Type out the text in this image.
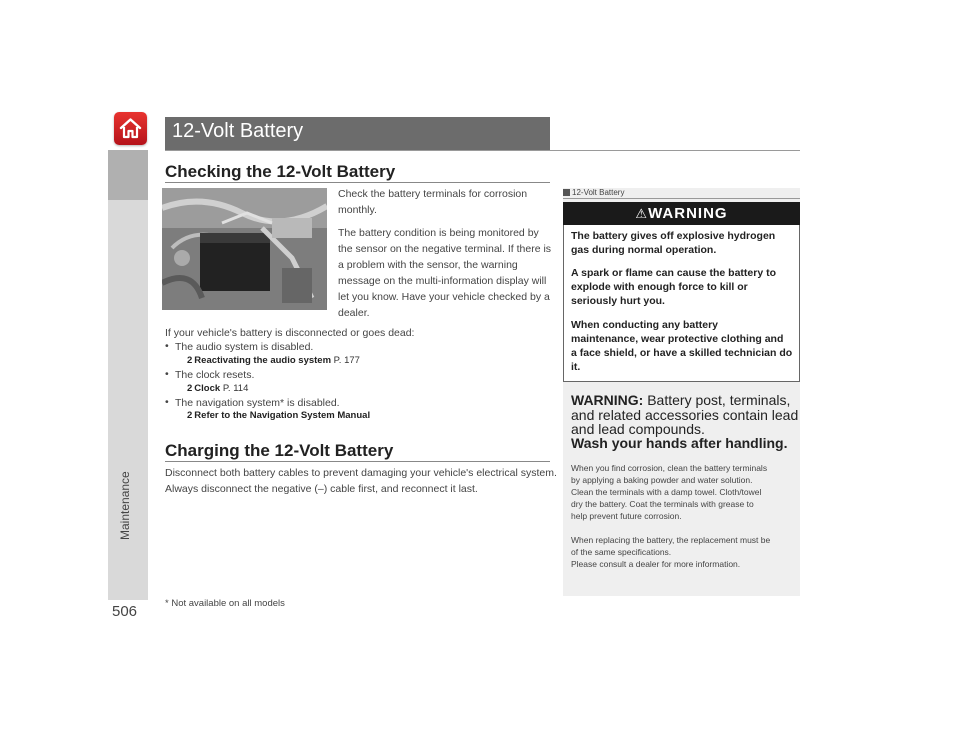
Maintenance
506
12-Volt Battery
Checking the 12-Volt Battery
Check the battery terminals for corrosion
monthly.
The battery condition is being monitored by
the sensor on the negative terminal. If there is
a problem with the sensor, the warning
message on the multi-information display will
let you know. Have your vehicle checked by a
dealer.
If your vehicle's battery is disconnected or goes dead:
• The audio system is disabled.
2 Reactivating the audio system P. 177
• The clock resets.
2 Clock P. 114
• The navigation system* is disabled.
2 Refer to the Navigation System Manual
Charging the 12-Volt Battery
Disconnect both battery cables to prevent damaging your vehicle's electrical system.
Always disconnect the negative (–) cable first, and reconnect it last.
12-Volt Battery
⚠WARNING
The battery gives off explosive hydrogen
gas during normal operation.
A spark or flame can cause the battery to
explode with enough force to kill or
seriously hurt you.
When conducting any battery
maintenance, wear protective clothing and
a face shield, or have a skilled technician do
it.
WARNING: Battery post, terminals,
and related accessories contain lead
and lead compounds.
Wash your hands after handling.
When you find corrosion, clean the battery terminals
by applying a baking powder and water solution.
Clean the terminals with a damp towel. Cloth/towel
dry the battery. Coat the terminals with grease to
help prevent future corrosion.
When replacing the battery, the replacement must be
of the same specifications.
Please consult a dealer for more information.
* Not available on all models
